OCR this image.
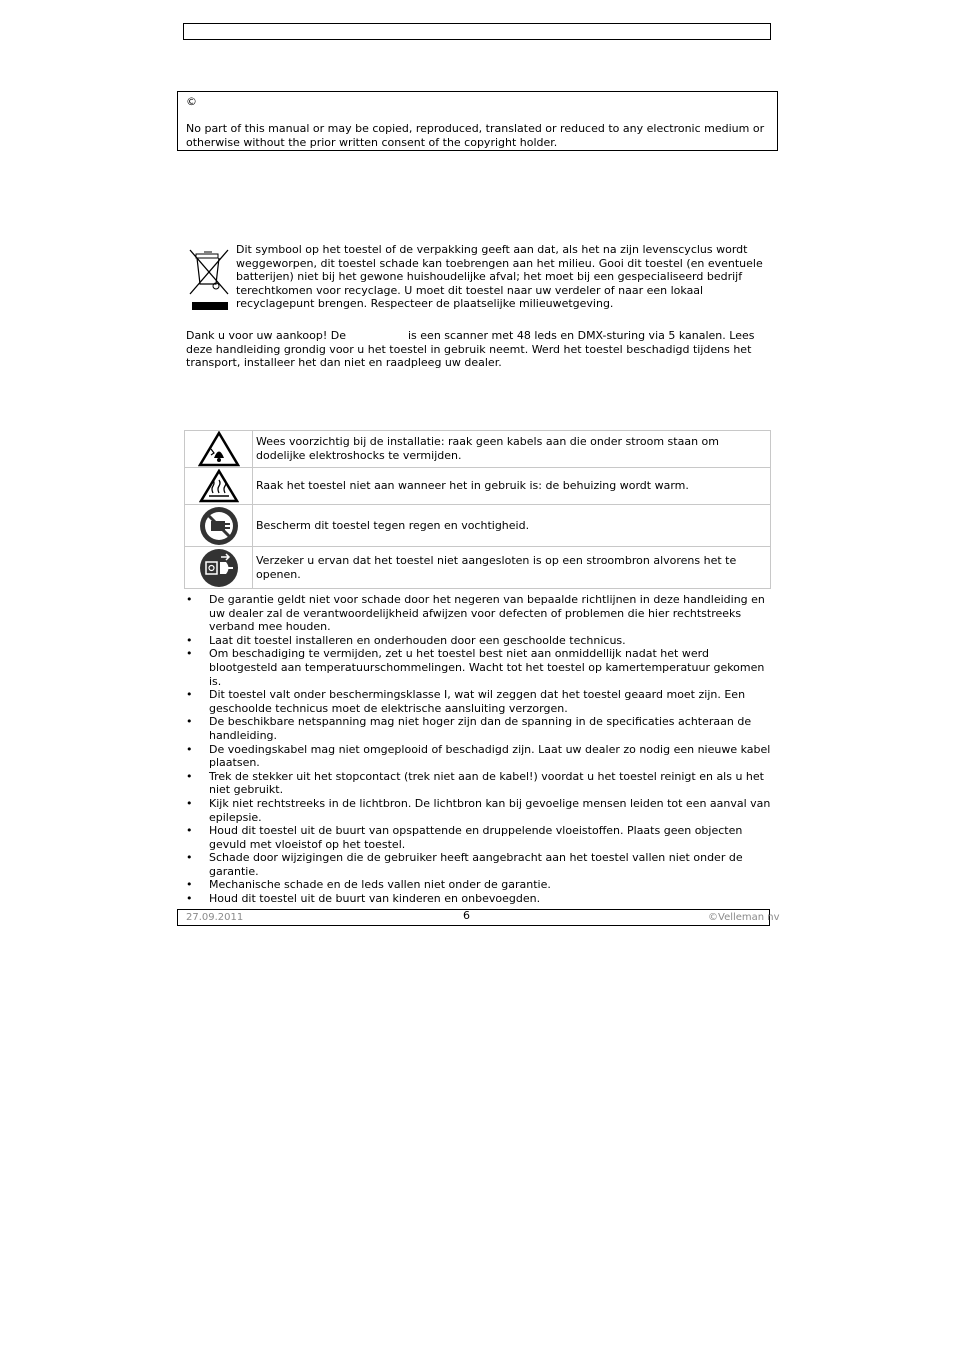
©
No part of this manual or may be copied, reproduced, translated or reduced to any electronic medium or otherwise without the prior written consent of the copyright holder.
Dit symbool op het toestel of de verpakking geeft aan dat, als het na zijn levenscyclus wordt weggeworpen, dit toestel schade kan toebrengen aan het milieu. Gooi dit toestel (en eventuele batterijen) niet bij het gewone huishoudelijke afval; het moet bij een gespecialiseerd bedrijf terechtkomen voor recyclage. U moet dit toestel naar uw verdeler of naar een lokaal recyclagepunt brengen. Respecteer de plaatselijke milieuwetgeving.
Dank u voor uw aankoop! De	is een scanner met 48 leds en DMX-sturing via 5 kanalen. Lees deze handleiding grondig voor u het toestel in gebruik neemt. Werd het toestel beschadigd tijdens het transport, installeer het dan niet en raadpleeg uw dealer.
	Wees voorzichtig bij de installatie: raak geen kabels aan die onder stroom staan om dodelijke elektroshocks te vermijden.

	Raak het toestel niet aan wanneer het in gebruik is: de behuizing wordt warm.

	Bescherm dit toestel tegen regen en vochtigheid.

	Verzeker u ervan dat het toestel niet aangesloten is op een stroombron alvorens het te openen.
• De garantie geldt niet voor schade door het negeren van bepaalde richtlijnen in deze handleiding en uw dealer zal de verantwoordelijkheid afwijzen voor defecten of problemen die hier rechtstreeks verband mee houden.
• Laat dit toestel installeren en onderhouden door een geschoolde technicus.
• Om beschadiging te vermijden, zet u het toestel best niet aan onmiddellijk nadat het werd blootgesteld aan temperatuurschommelingen. Wacht tot het toestel op kamertemperatuur gekomen is.
• Dit toestel valt onder beschermingsklasse I, wat wil zeggen dat het toestel geaard moet zijn. Een geschoolde technicus moet de elektrische aansluiting verzorgen.
• De beschikbare netspanning mag niet hoger zijn dan de spanning in de specificaties achteraan de handleiding.
• De voedingskabel mag niet omgeplooid of beschadigd zijn. Laat uw dealer zo nodig een nieuwe kabel plaatsen.
• Trek de stekker uit het stopcontact (trek niet aan de kabel!) voordat u het toestel reinigt en als u het niet gebruikt.
• Kijk niet rechtstreeks in de lichtbron. De lichtbron kan bij gevoelige mensen leiden tot een aanval van epilepsie.
• Houd dit toestel uit de buurt van opspattende en druppelende vloeistoffen. Plaats geen objecten gevuld met vloeistof op het toestel.
• Schade door wijzigingen die de gebruiker heeft aangebracht aan het toestel vallen niet onder de garantie.
• Mechanische schade en de leds vallen niet onder de garantie.
• Houd dit toestel uit de buurt van kinderen en onbevoegden.
27.09.2011	6	©Velleman nv
